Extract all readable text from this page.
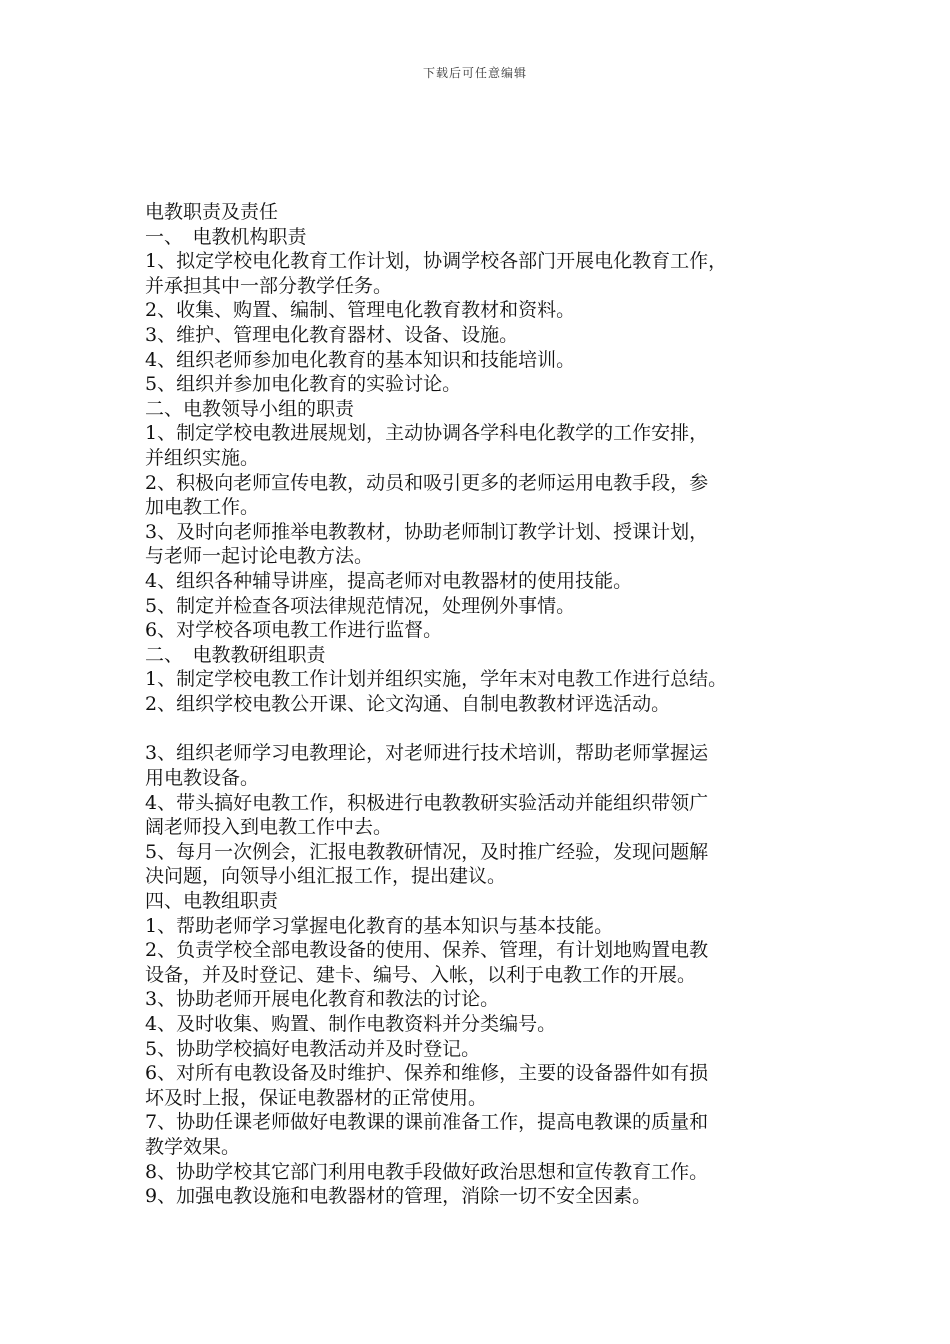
下载后可任意编辑
电教职责及责任
一、　电教机构职责
1、拟定学校电化教育工作计划，协调学校各部门开展电化教育工作，
并承担其中一部分教学任务。
2、收集、购置、编制、管理电化教育教材和资料。
3、维护、管理电化教育器材、设备、设施。
4、组织老师参加电化教育的基本知识和技能培训。
5、组织并参加电化教育的实验讨论。
二、电教领导小组的职责
1、制定学校电教进展规划，主动协调各学科电化教学的工作安排，
并组织实施。
2、积极向老师宣传电教，动员和吸引更多的老师运用电教手段，参
加电教工作。
3、及时向老师推举电教教材，协助老师制订教学计划、授课计划，
与老师一起讨论电教方法。
4、组织各种辅导讲座，提高老师对电教器材的使用技能。
5、制定并检查各项法律规范情况，处理例外事情。
6、对学校各项电教工作进行监督。
二、　电教教研组职责
1、制定学校电教工作计划并组织实施，学年末对电教工作进行总结。
2、组织学校电教公开课、论文沟通、自制电教教材评选活动。
3、组织老师学习电教理论，对老师进行技术培训，帮助老师掌握运
用电教设备。
4、带头搞好电教工作，积极进行电教教研实验活动并能组织带领广
阔老师投入到电教工作中去。
5、每月一次例会，汇报电教教研情况，及时推广经验，发现问题解
决问题，向领导小组汇报工作，提出建议。
四、电教组职责
1、帮助老师学习掌握电化教育的基本知识与基本技能。
2、负责学校全部电教设备的使用、保养、管理，有计划地购置电教
设备，并及时登记、建卡、编号、入帐，以利于电教工作的开展。
3、协助老师开展电化教育和教法的讨论。
4、及时收集、购置、制作电教资料并分类编号。
5、协助学校搞好电教活动并及时登记。
6、对所有电教设备及时维护、保养和维修，主要的设备器件如有损
坏及时上报，保证电教器材的正常使用。
7、协助任课老师做好电教课的课前准备工作，提高电教课的质量和
教学效果。
8、协助学校其它部门利用电教手段做好政治思想和宣传教育工作。
9、加强电教设施和电教器材的管理，消除一切不安全因素。
